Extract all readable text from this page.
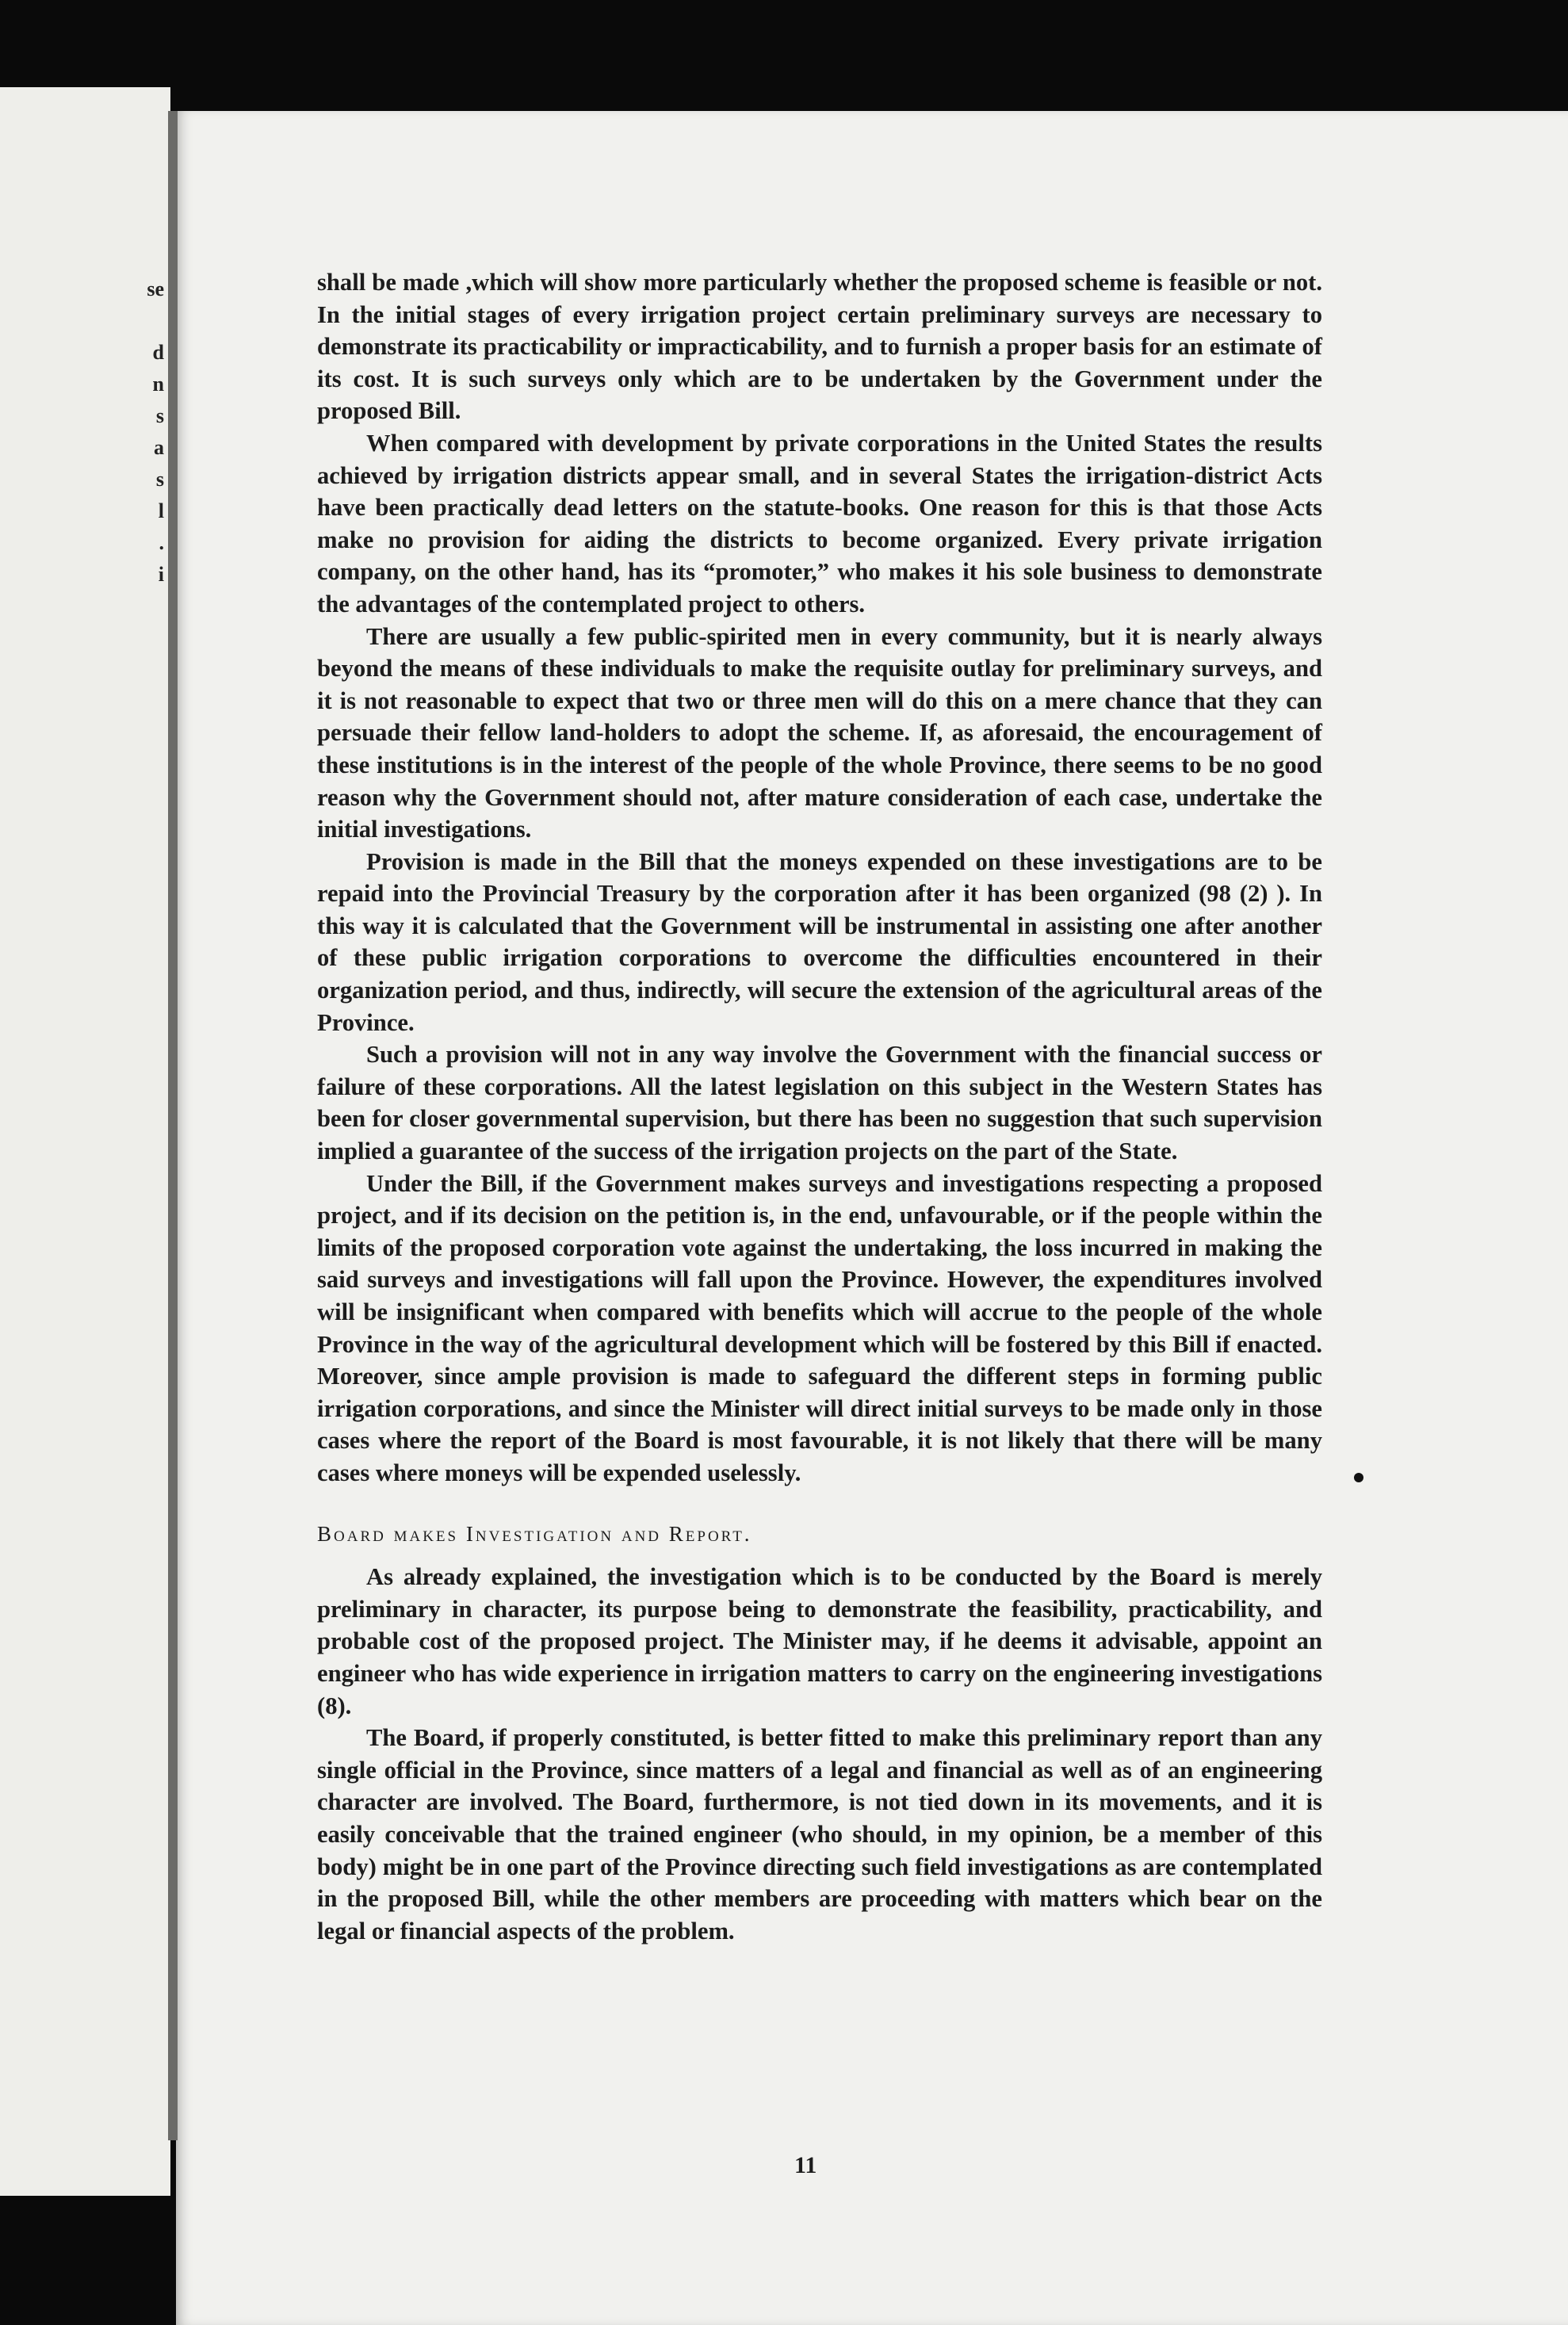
se
d
n
s
a
s
l
.
i

shall be made ,which will show more particularly whether the proposed scheme is feasible or not. In the initial stages of every irrigation project certain preliminary surveys are necessary to demonstrate its practicability or impracticability, and to furnish a proper basis for an estimate of its cost. It is such surveys only which are to be undertaken by the Government under the proposed Bill.

When compared with development by private corporations in the United States the results achieved by irrigation districts appear small, and in several States the irrigation-district Acts have been practically dead letters on the statute-books. One reason for this is that those Acts make no provision for aiding the districts to become organized. Every private irrigation company, on the other hand, has its “promoter,” who makes it his sole business to demonstrate the advantages of the contemplated project to others.

There are usually a few public-spirited men in every community, but it is nearly always beyond the means of these individuals to make the requisite outlay for preliminary surveys, and it is not reasonable to expect that two or three men will do this on a mere chance that they can persuade their fellow land-holders to adopt the scheme. If, as aforesaid, the encouragement of these institutions is in the interest of the people of the whole Province, there seems to be no good reason why the Government should not, after mature consideration of each case, undertake the initial investigations.

Provision is made in the Bill that the moneys expended on these investigations are to be repaid into the Provincial Treasury by the corporation after it has been organized (98 (2) ). In this way it is calculated that the Government will be instrumental in assisting one after another of these public irrigation corporations to overcome the difficulties encountered in their organization period, and thus, indirectly, will secure the extension of the agricultural areas of the Province.

Such a provision will not in any way involve the Government with the financial success or failure of these corporations. All the latest legislation on this subject in the Western States has been for closer governmental supervision, but there has been no suggestion that such supervision implied a guarantee of the success of the irrigation projects on the part of the State.

Under the Bill, if the Government makes surveys and investigations respecting a proposed project, and if its decision on the petition is, in the end, unfavourable, or if the people within the limits of the proposed corporation vote against the undertaking, the loss incurred in making the said surveys and investigations will fall upon the Province. However, the expenditures involved will be insignificant when compared with benefits which will accrue to the people of the whole Province in the way of the agricultural development which will be fostered by this Bill if enacted. Moreover, since ample provision is made to safeguard the different steps in forming public irrigation corporations, and since the Minister will direct initial surveys to be made only in those cases where the report of the Board is most favourable, it is not likely that there will be many cases where moneys will be expended uselessly.

Board makes Investigation and Report.

As already explained, the investigation which is to be conducted by the Board is merely preliminary in character, its purpose being to demonstrate the feasibility, practicability, and probable cost of the proposed project. The Minister may, if he deems it advisable, appoint an engineer who has wide experience in irrigation matters to carry on the engineering investigations (8).

The Board, if properly constituted, is better fitted to make this preliminary report than any single official in the Province, since matters of a legal and financial as well as of an engineering character are involved. The Board, furthermore, is not tied down in its movements, and it is easily conceivable that the trained engineer (who should, in my opinion, be a member of this body) might be in one part of the Province directing such field investigations as are contemplated in the proposed Bill, while the other members are proceeding with matters which bear on the legal or financial aspects of the problem.

11
